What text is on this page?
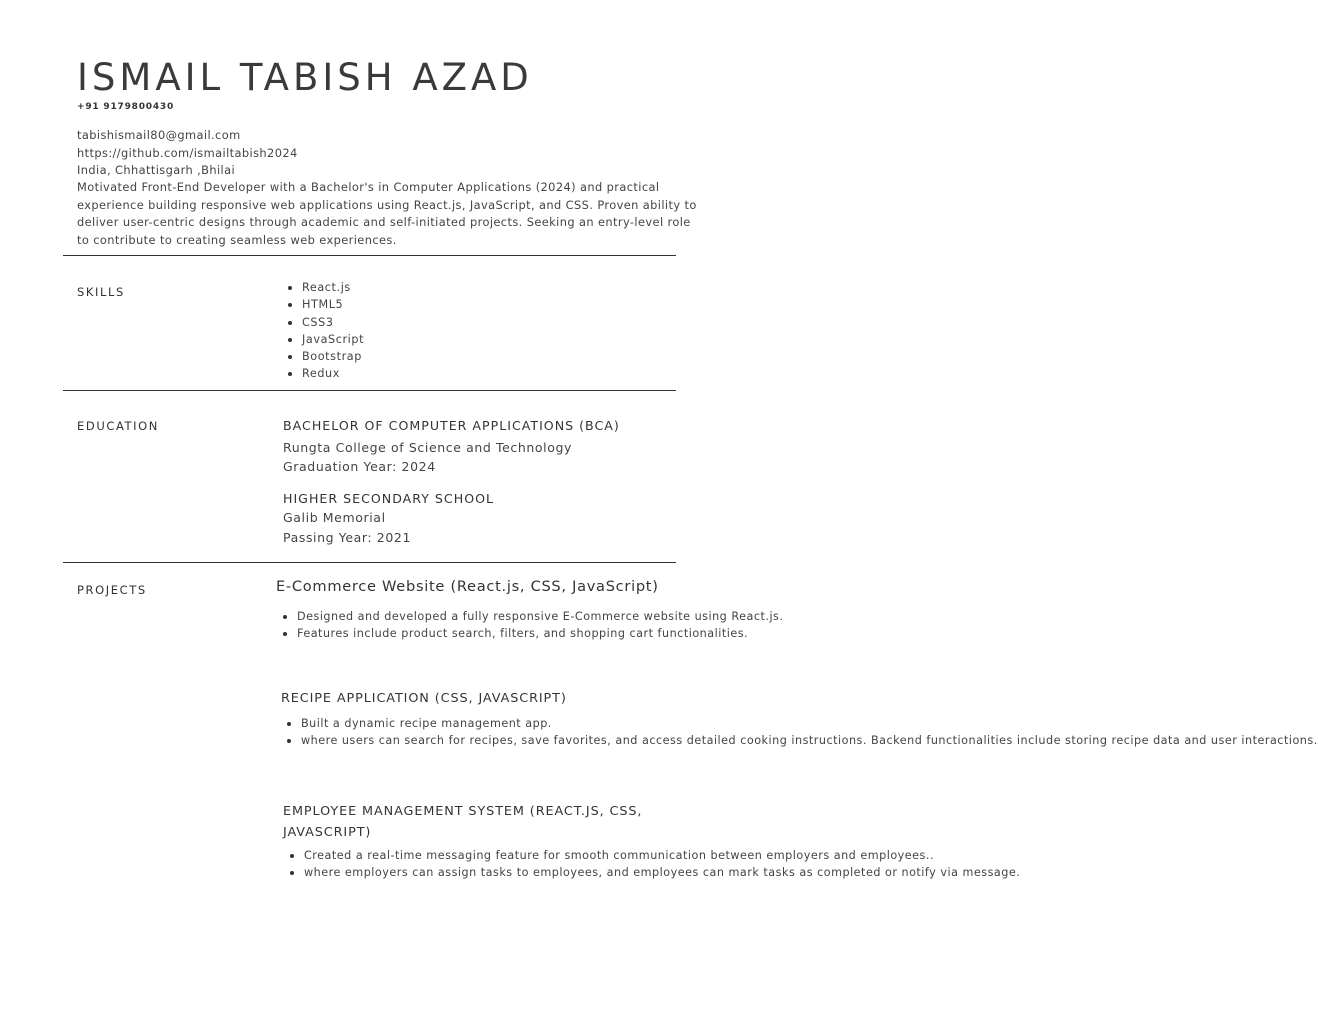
ISMAIL TABISH AZAD
+91 9179800430
tabishismail80@gmail.com
https://github.com/ismailtabish2024
India, Chhattisgarh ,Bhilai
Motivated Front-End Developer with a Bachelor's in Computer Applications (2024) and practical experience building responsive web applications using React.js, JavaScript, and CSS. Proven ability to deliver user-centric designs through academic and self-initiated projects. Seeking an entry-level role to contribute to creating seamless web experiences.
SKILLS	React.js
HTML5
CSS3
JavaScript
Bootstrap
Redux
EDUCATION	BACHELOR OF COMPUTER APPLICATIONS (BCA)
Rungta College of Science and Technology
Graduation Year: 2024
HIGHER SECONDARY SCHOOL
Galib Memorial
Passing Year: 2021
PROJECTS	E-Commerce Website (React.js, CSS, JavaScript)
Designed and developed a fully responsive E-Commerce website using React.js.
Features include product search, filters, and shopping cart functionalities.
RECIPE APPLICATION (CSS, JAVASCRIPT)
Built a dynamic recipe management app.
where users can search for recipes, save favorites, and access detailed cooking instructions. Backend functionalities include storing recipe data and user interactions.
EMPLOYEE MANAGEMENT SYSTEM (REACT.JS, CSS, JAVASCRIPT)
Created a real-time messaging feature for smooth communication between employers and employees..
where employers can assign tasks to employees, and employees can mark tasks as completed or notify via message.
